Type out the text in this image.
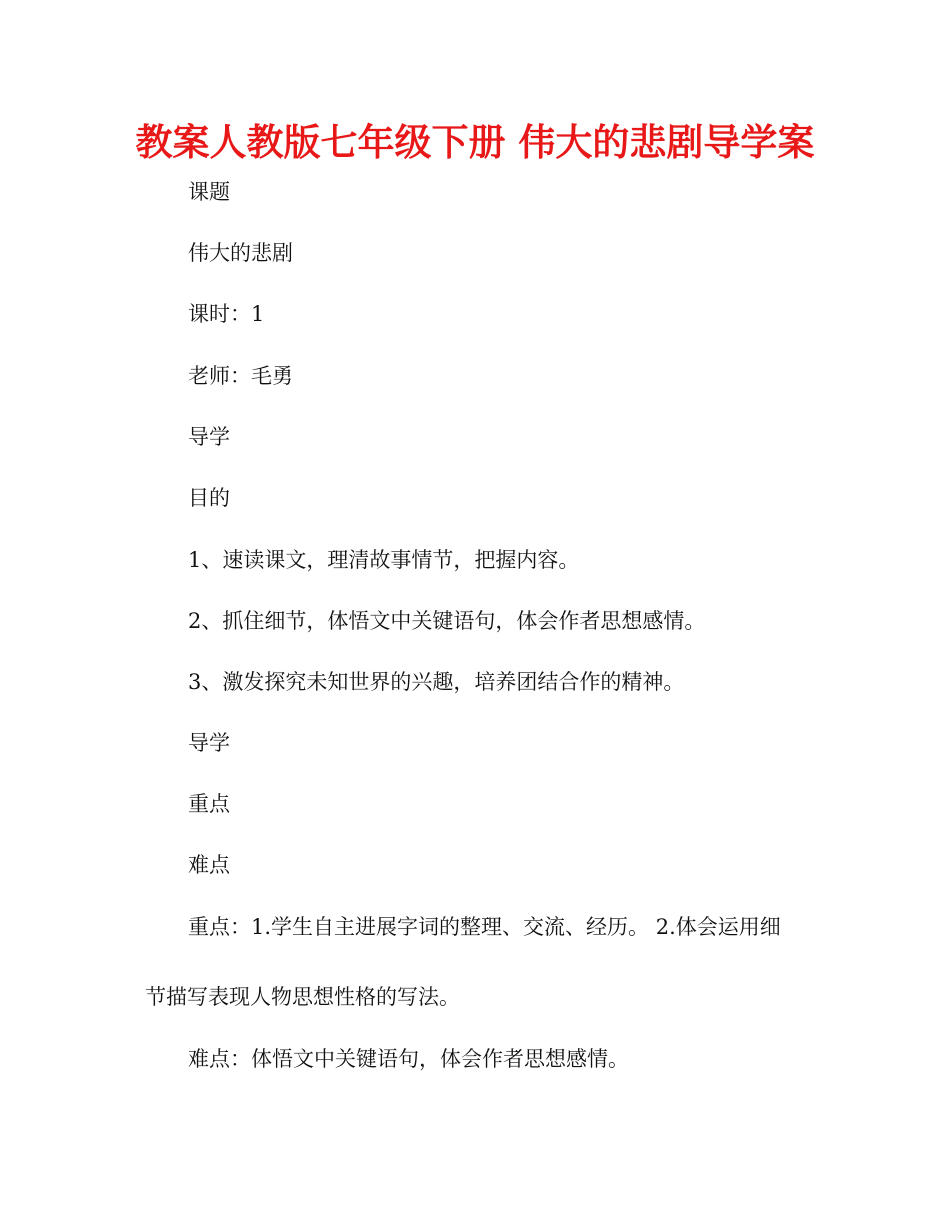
教案人教版七年级下册 伟大的悲剧导学案

课题

伟大的悲剧

课时：1

老师：毛勇

导学

目的

1、速读课文，理清故事情节，把握内容。

2、抓住细节，体悟文中关键语句，体会作者思想感情。

3、激发探究未知世界的兴趣，培养团结合作的精神。

导学

重点

难点

重点：1.学生自主进展字词的整理、交流、经历。 2.体会运用细

节描写表现人物思想性格的写法。

难点：体悟文中关键语句，体会作者思想感情。
